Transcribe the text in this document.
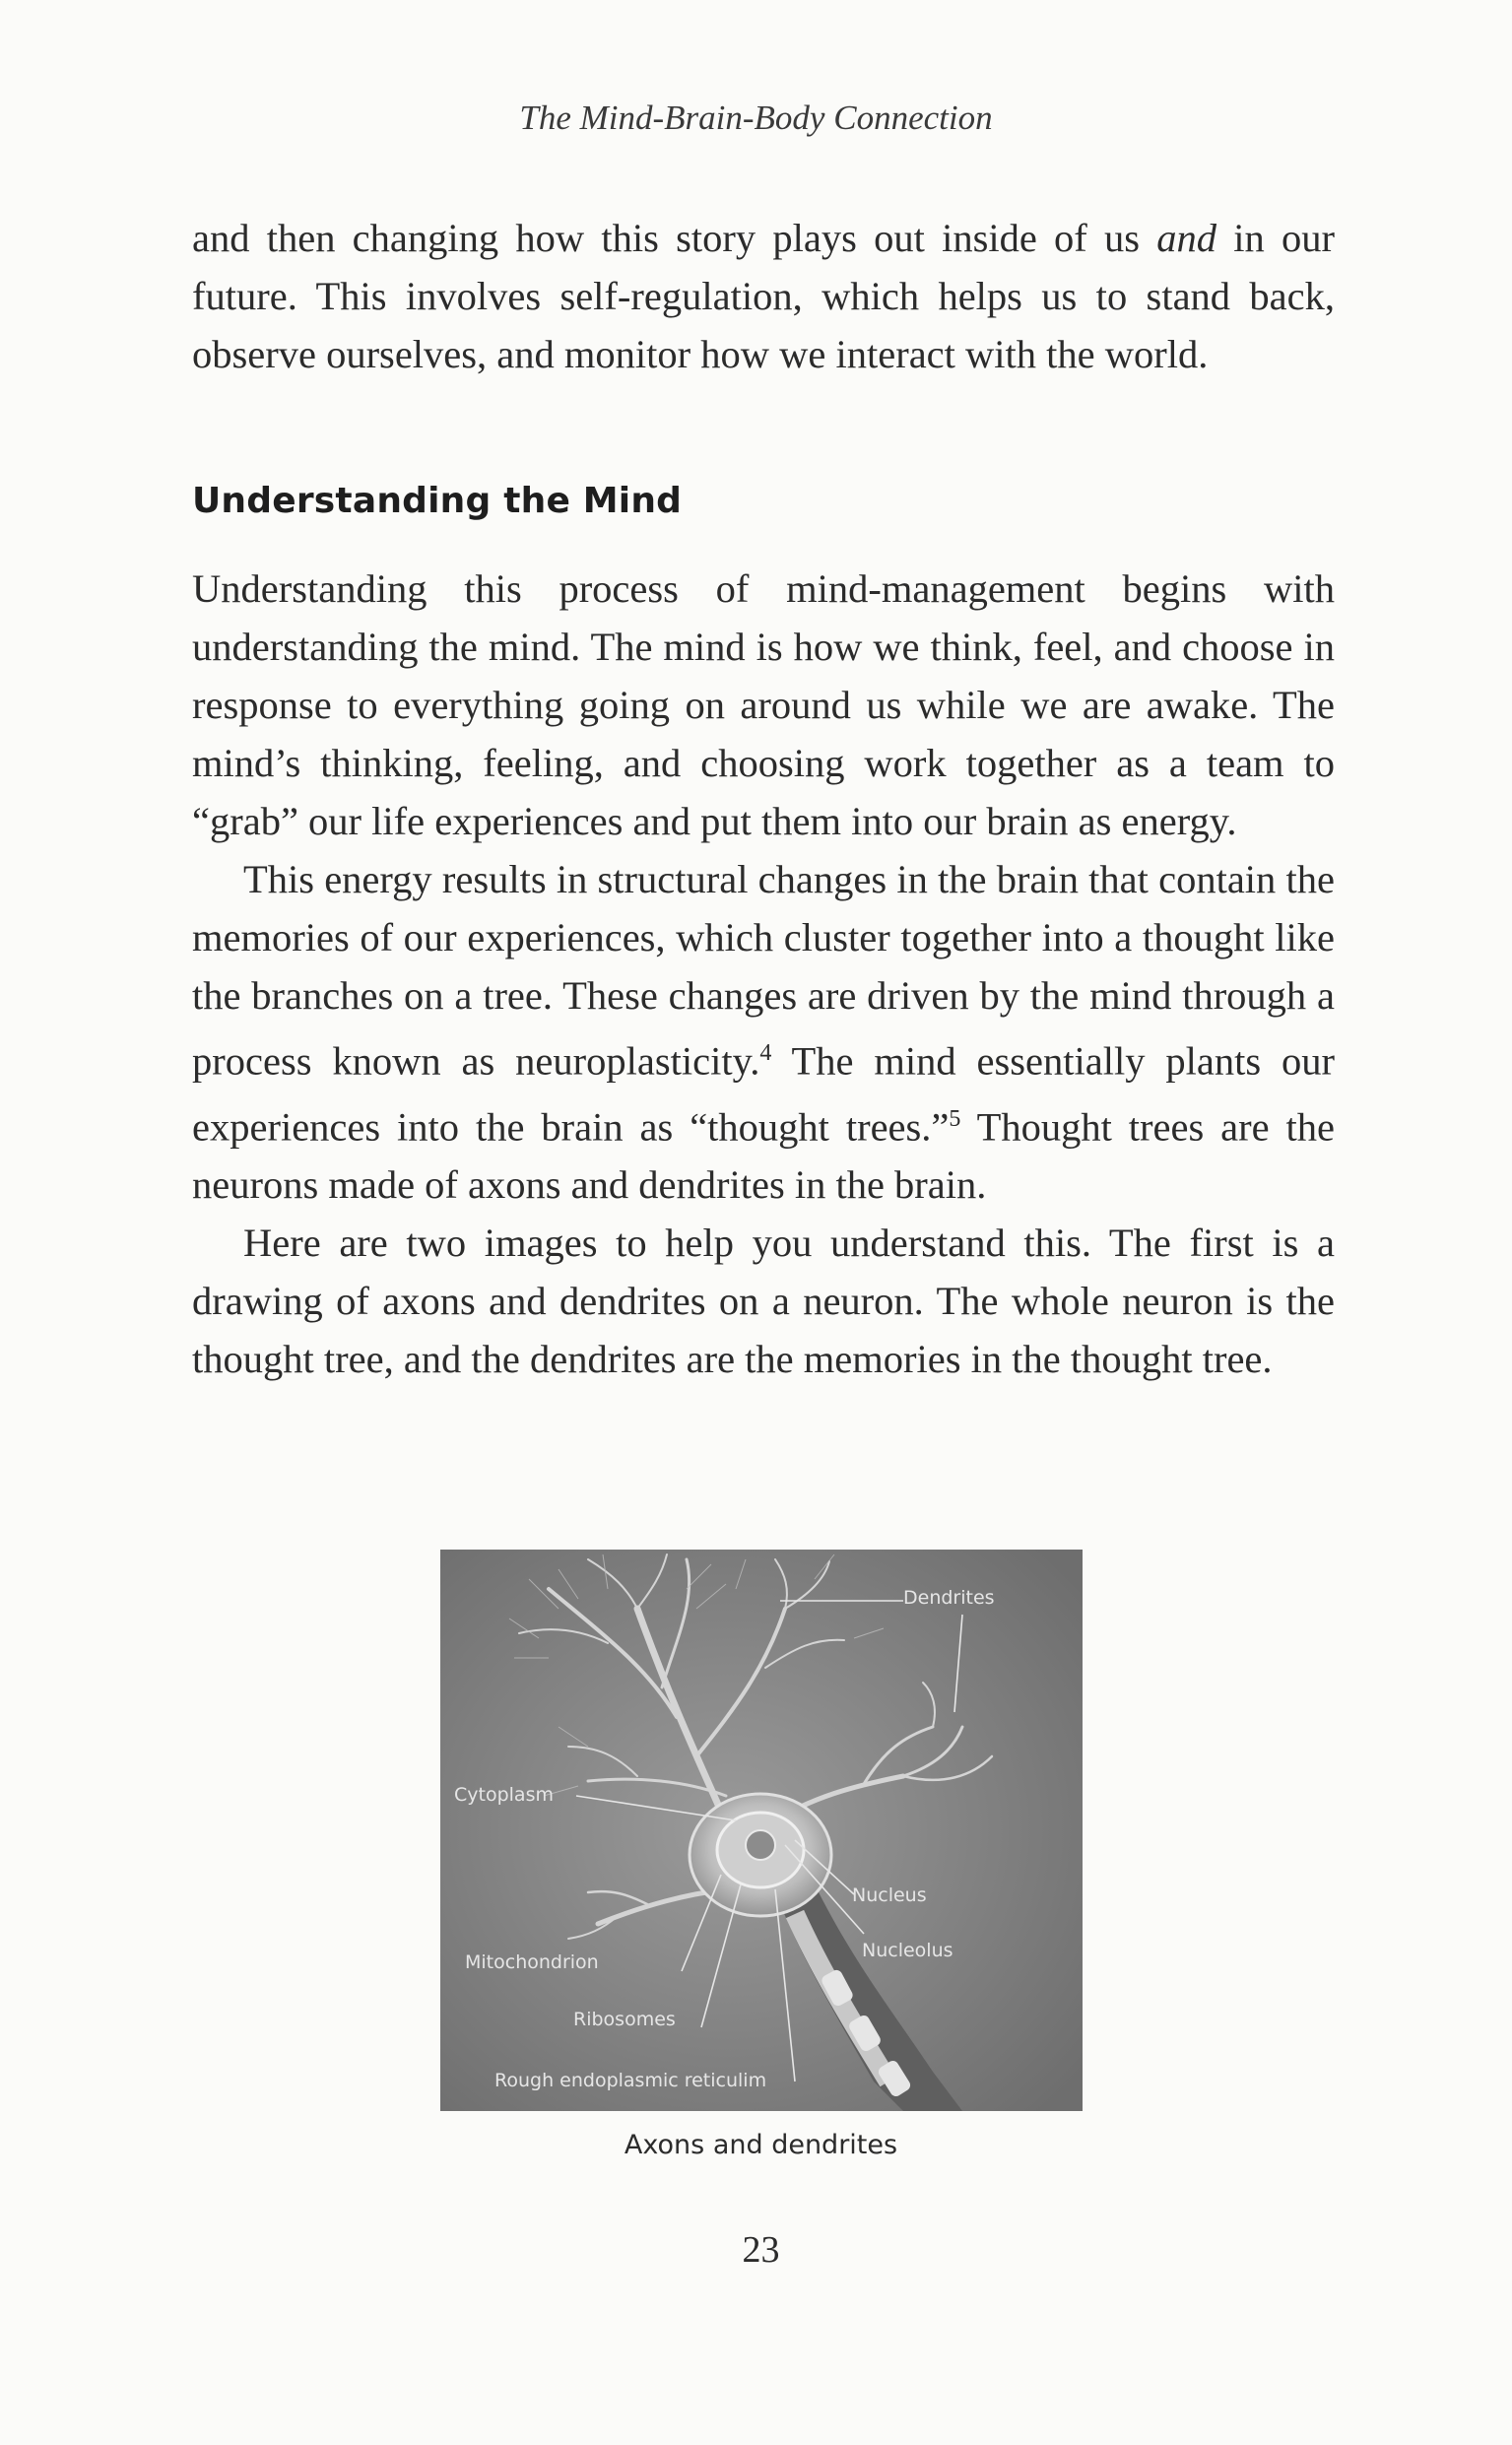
The Mind-Brain-Body Connection

and then changing how this story plays out inside of us and in our future. This involves self-regulation, which helps us to stand back, observe ourselves, and monitor how we interact with the world.

Understanding the Mind

Understanding this process of mind-management begins with understanding the mind. The mind is how we think, feel, and choose in response to everything going on around us while we are awake. The mind’s thinking, feeling, and choosing work together as a team to “grab” our life experiences and put them into our brain as energy.

This energy results in structural changes in the brain that contain the memories of our experiences, which cluster together into a thought like the branches on a tree. These changes are driven by the mind through a process known as neuroplasticity.$^4$ The mind essentially plants our experiences into the brain as “thought trees.”$^5$ Thought trees are the neurons made of axons and dendrites in the brain.

Here are two images to help you understand this. The first is a drawing of axons and dendrites on a neuron. The whole neuron is the thought tree, and the dendrites are the memories in the thought tree.

Dendrites
Cytoplasm
Nucleus
Nucleolus
Mitochondrion
Ribosomes
Rough endoplasmic reticulim
Axons and dendrites
23
